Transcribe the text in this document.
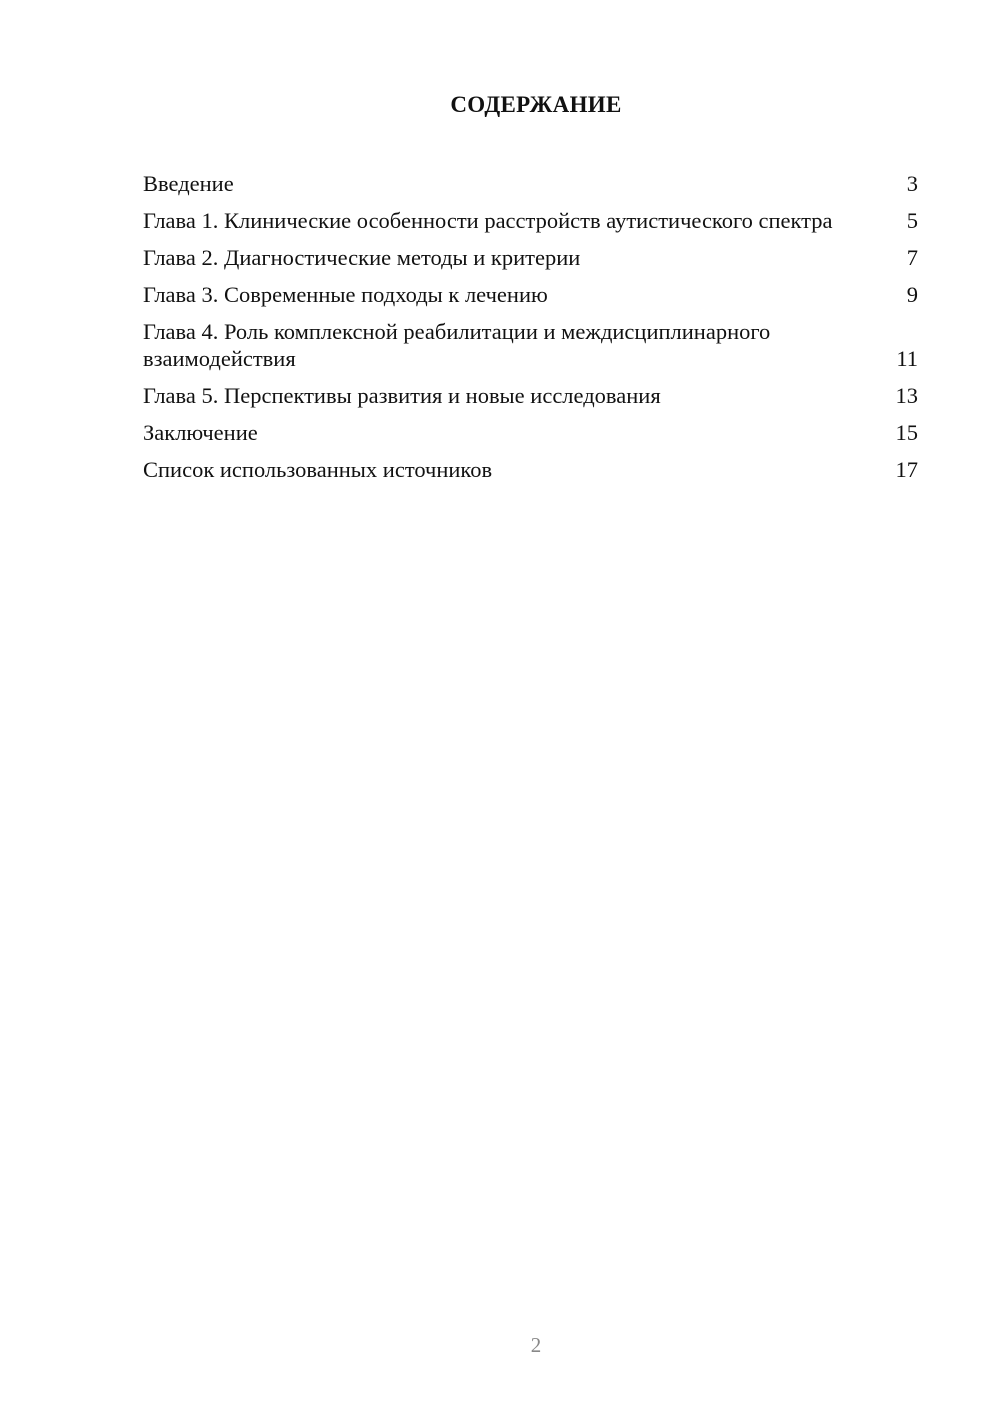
СОДЕРЖАНИЕ
Введение	3
Глава 1. Клинические особенности расстройств аутистического спектра	5
Глава 2. Диагностические методы и критерии	7
Глава 3. Современные подходы к лечению	9
Глава 4. Роль комплексной реабилитации и междисциплинарного взаимодействия	11
Глава 5. Перспективы развития и новые исследования	13
Заключение	15
Список использованных источников	17
2
